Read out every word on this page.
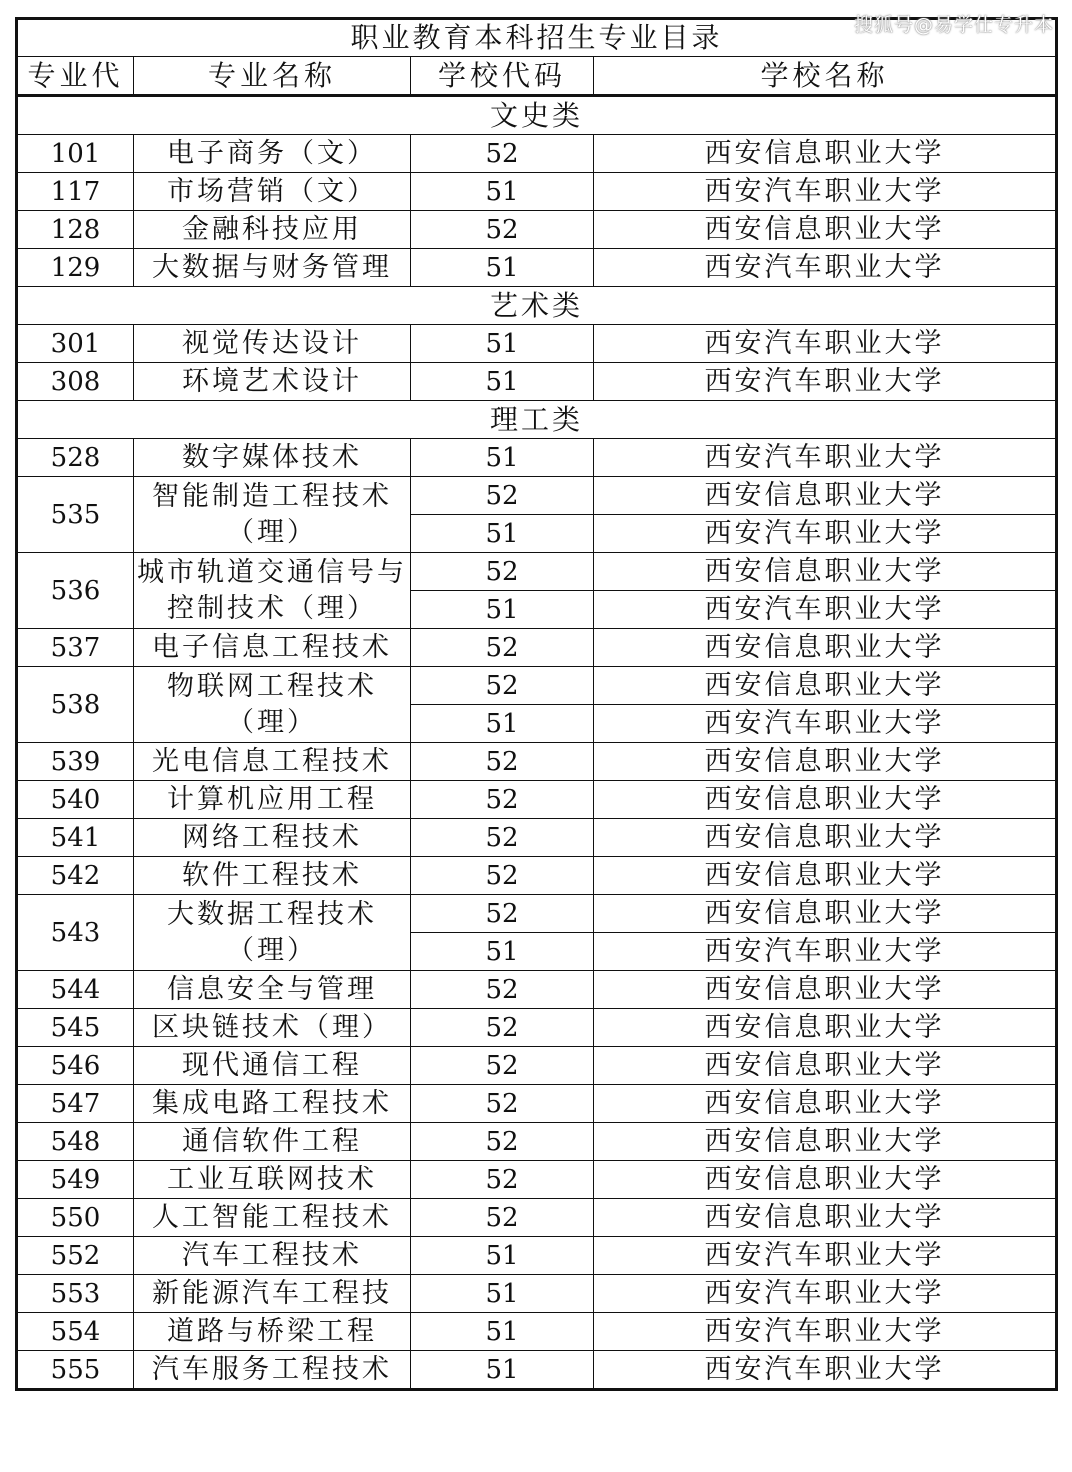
职业教育本科招生专业目录			
专业代	专业名称	学校代码	学校名称
文史类			
101	电子商务（文）	52	西安信息职业大学
117	市场营销（文）	51	西安汽车职业大学
128	金融科技应用	52	西安信息职业大学
129	大数据与财务管理	51	西安汽车职业大学
艺术类			
301	视觉传达设计	51	西安汽车职业大学
308	环境艺术设计	51	西安汽车职业大学
理工类			
528	数字媒体技术	51	西安汽车职业大学
535	智能制造工程技术（理）	52	西安信息职业大学
		51	西安汽车职业大学
536	城市轨道交通信号与控制技术（理）	52	西安信息职业大学
		51	西安汽车职业大学
537	电子信息工程技术	52	西安信息职业大学
538	物联网工程技术（理）	52	西安信息职业大学
		51	西安汽车职业大学
539	光电信息工程技术	52	西安信息职业大学
540	计算机应用工程	52	西安信息职业大学
541	网络工程技术	52	西安信息职业大学
542	软件工程技术	52	西安信息职业大学
543	大数据工程技术（理）	52	西安信息职业大学
		51	西安汽车职业大学
544	信息安全与管理	52	西安信息职业大学
545	区块链技术（理）	52	西安信息职业大学
546	现代通信工程	52	西安信息职业大学
547	集成电路工程技术	52	西安信息职业大学
548	通信软件工程	52	西安信息职业大学
549	工业互联网技术	52	西安信息职业大学
550	人工智能工程技术	52	西安信息职业大学
552	汽车工程技术	51	西安汽车职业大学
553	新能源汽车工程技	51	西安汽车职业大学
554	道路与桥梁工程	51	西安汽车职业大学
555	汽车服务工程技术	51	西安汽车职业大学
搜狐号@易学仕专升本
